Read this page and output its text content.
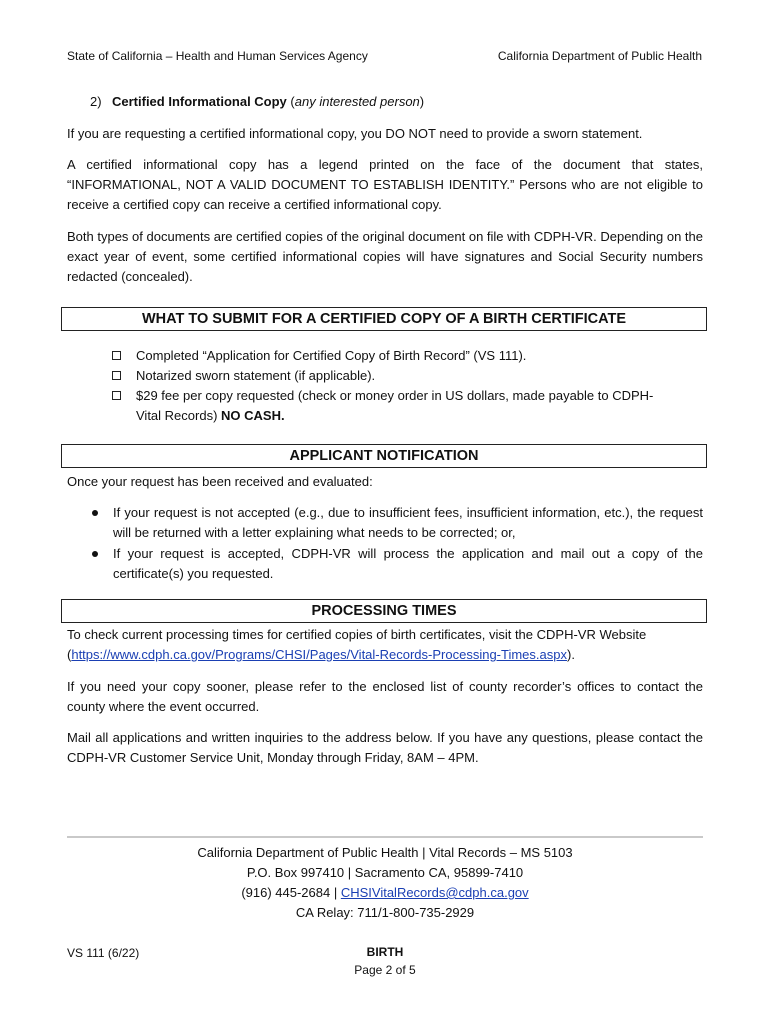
State of California – Health and Human Services Agency	California Department of Public Health
2) Certified Informational Copy (any interested person)
If you are requesting a certified informational copy, you DO NOT need to provide a sworn statement.
A certified informational copy has a legend printed on the face of the document that states, “INFORMATIONAL, NOT A VALID DOCUMENT TO ESTABLISH IDENTITY.” Persons who are not eligible to receive a certified copy can receive a certified informational copy.
Both types of documents are certified copies of the original document on file with CDPH-VR. Depending on the exact year of event, some certified informational copies will have signatures and Social Security numbers redacted (concealed).
WHAT TO SUBMIT FOR A CERTIFIED COPY OF A BIRTH CERTIFICATE
Completed “Application for Certified Copy of Birth Record” (VS 111).
Notarized sworn statement (if applicable).
$29 fee per copy requested (check or money order in US dollars, made payable to CDPH-Vital Records) NO CASH.
APPLICANT NOTIFICATION
Once your request has been received and evaluated:
If your request is not accepted (e.g., due to insufficient fees, insufficient information, etc.), the request will be returned with a letter explaining what needs to be corrected; or,
If your request is accepted, CDPH-VR will process the application and mail out a copy of the certificate(s) you requested.
PROCESSING TIMES
To check current processing times for certified copies of birth certificates, visit the CDPH-VR Website (https://www.cdph.ca.gov/Programs/CHSI/Pages/Vital-Records-Processing-Times.aspx).
If you need your copy sooner, please refer to the enclosed list of county recorder’s offices to contact the county where the event occurred.
Mail all applications and written inquiries to the address below. If you have any questions, please contact the CDPH-VR Customer Service Unit, Monday through Friday, 8AM – 4PM.
California Department of Public Health | Vital Records – MS 5103
P.O. Box 997410 | Sacramento CA, 95899-7410
(916) 445-2684 | CHSIVitalRecords@cdph.ca.gov
CA Relay: 711/1-800-735-2929
VS 111 (6/22)	BIRTH
Page 2 of 5
